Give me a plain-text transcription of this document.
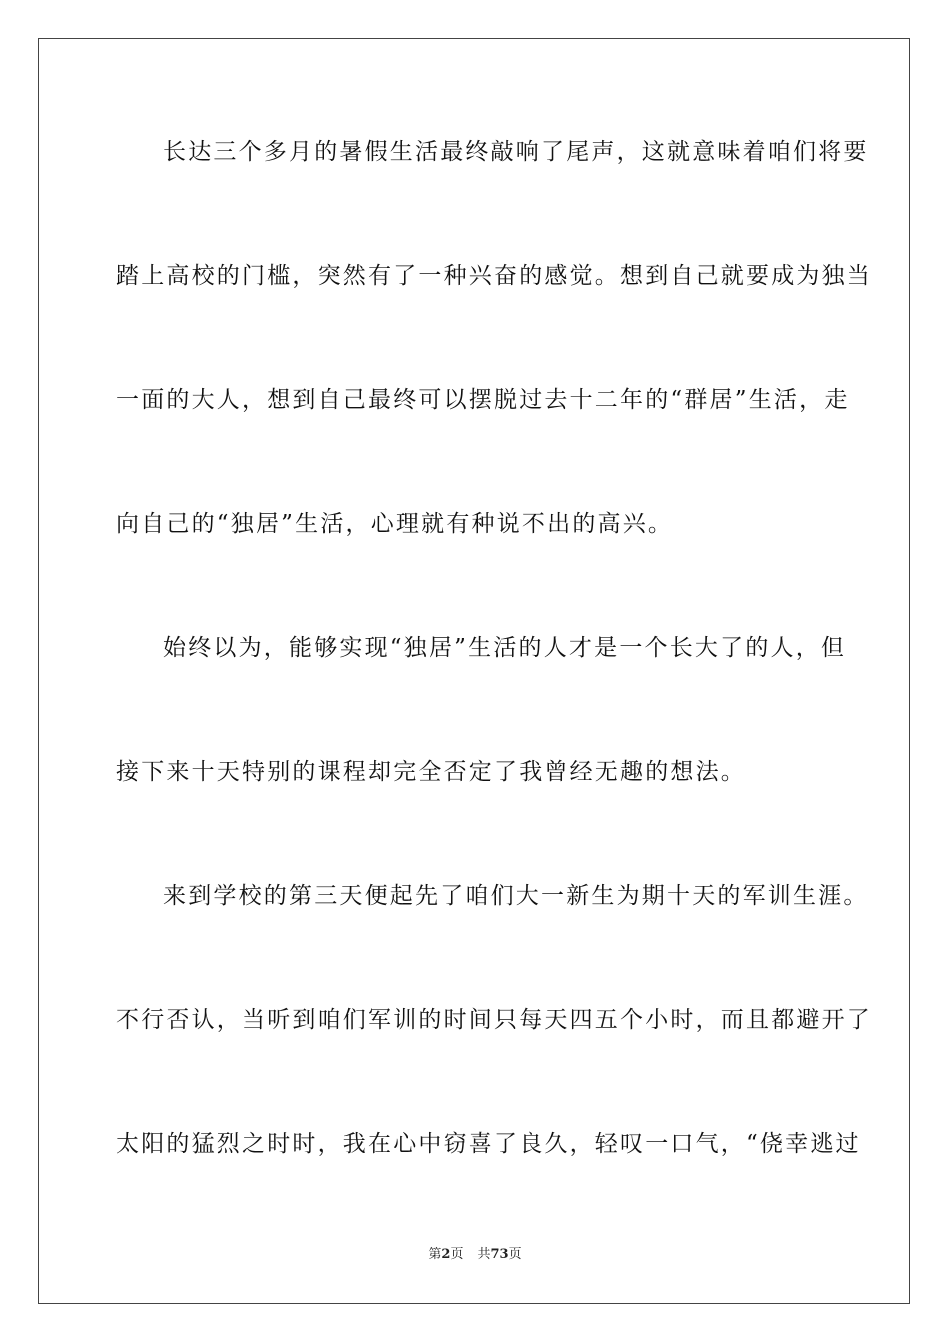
长达三个多月的暑假生活最终敲响了尾声，这就意味着咱们将要
踏上高校的门槛，突然有了一种兴奋的感觉。想到自己就要成为独当
一面的大人，想到自己最终可以摆脱过去十二年的“群居”生活，走
向自己的“独居”生活，心理就有种说不出的高兴。
始终以为，能够实现“独居”生活的人才是一个长大了的人，但
接下来十天特别的课程却完全否定了我曾经无趣的想法。
来到学校的第三天便起先了咱们大一新生为期十天的军训生涯。
不行否认，当听到咱们军训的时间只每天四五个小时，而且都避开了
太阳的猛烈之时时，我在心中窃喜了良久，轻叹一口气，“侥幸逃过
第2页 共73页
